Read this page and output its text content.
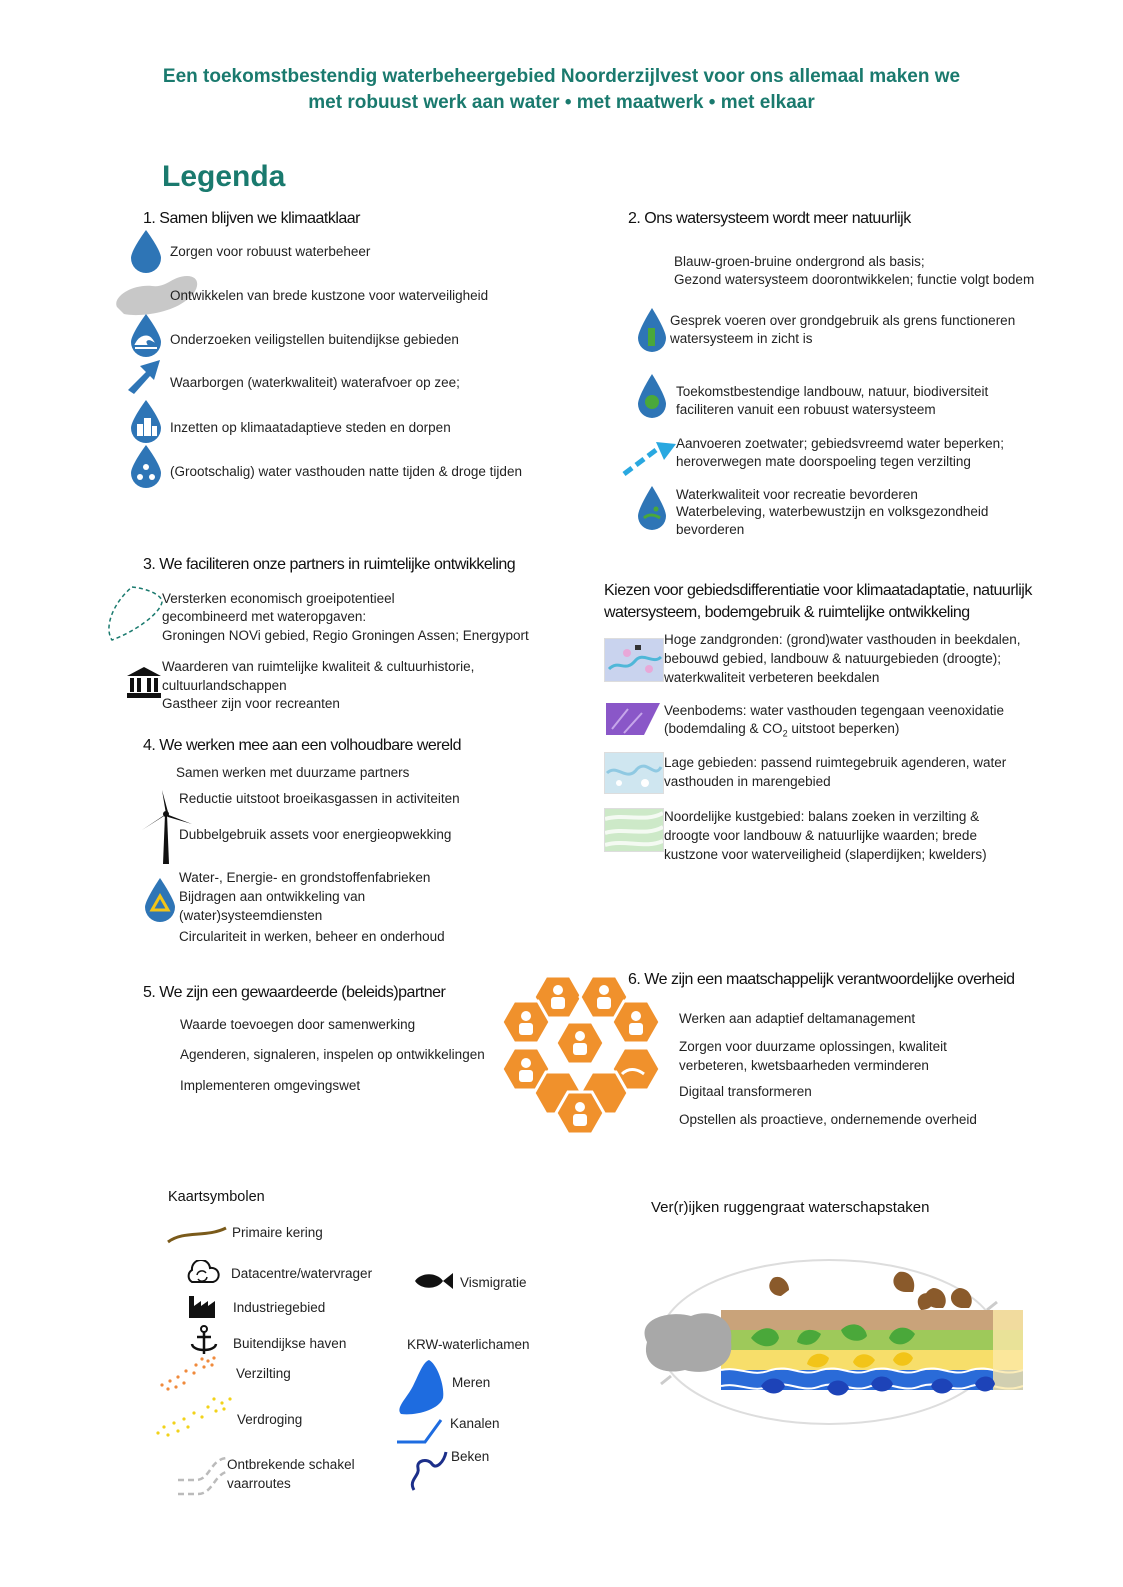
Een toekomstbestendig waterbeheergebied Noorderzijlvest voor ons allemaal maken we
met robuust werk aan water • met maatwerk • met elkaar
Legenda
1. Samen blijven we klimaatklaar
Zorgen voor robuust waterbeheer
Ontwikkelen van brede kustzone voor waterveiligheid
Onderzoeken veiligstellen buitendijkse gebieden
Waarborgen (waterkwaliteit) waterafvoer op zee;
Inzetten op klimaatadaptieve steden en dorpen
(Grootschalig) water vasthouden natte tijden & droge tijden
2. Ons watersysteem wordt meer natuurlijk
Blauw-groen-bruine ondergrond als basis;
Gezond watersysteem doorontwikkelen; functie volgt bodem
Gesprek voeren over grondgebruik als grens functioneren
watersysteem in zicht is
Toekomstbestendige landbouw, natuur, biodiversiteit
faciliteren vanuit een robuust watersysteem
Aanvoeren zoetwater; gebiedsvreemd water beperken;
heroverwegen mate doorspoeling tegen verzilting
Waterkwaliteit voor recreatie bevorderen
Waterbeleving, waterbewustzijn en volksgezondheid
bevorderen
3. We faciliteren onze partners in ruimtelijke ontwikkeling
Versterken economisch groeipotentieel
gecombineerd met wateropgaven:
Groningen NOVi gebied, Regio Groningen Assen; Energyport
Waarderen van ruimtelijke kwaliteit & cultuurhistorie,
cultuurlandschappen
Gastheer zijn voor recreanten
4. We werken mee aan een volhoudbare wereld
Samen werken met duurzame partners
Reductie uitstoot broeikasgassen in activiteiten
Dubbelgebruik assets voor energieopwekking
Water-, Energie- en grondstoffenfabrieken
Bijdragen aan ontwikkeling van
(water)systeemdiensten
Circulariteit in werken, beheer en onderhoud
Kiezen voor gebiedsdifferentiatie voor klimaatadaptatie, natuurlijk
watersysteem, bodemgebruik & ruimtelijke ontwikkeling
Hoge zandgronden: (grond)water vasthouden in beekdalen,
bebouwd gebied, landbouw & natuurgebieden (droogte);
waterkwaliteit verbeteren beekdalen
Veenbodems: water vasthouden tegengaan veenoxidatie
(bodemdaling & $CO_2$ uitstoot beperken)
Lage gebieden: passend ruimtegebruik agenderen, water
vasthouden in marengebied
Noordelijke kustgebied: balans zoeken in verzilting &
droogte voor landbouw & natuurlijke waarden; brede
kustzone voor waterveiligheid (slaperdijken; kwelders)
5. We zijn een gewaardeerde (beleids)partner
Waarde toevoegen door samenwerking
Agenderen, signaleren, inspelen op ontwikkelingen
Implementeren omgevingswet
6. We zijn een maatschappelijk verantwoordelijke overheid
Werken aan adaptief deltamanagement
Zorgen voor duurzame oplossingen, kwaliteit
verbeteren, kwetsbaarheden verminderen
Digitaal transformeren
Opstellen als proactieve, ondernemende overheid
Kaartsymbolen
Primaire kering
Datacentre/watervrager
Industriegebied
Buitendijkse haven
Verzilting
Verdroging
Ontbrekende schakel
vaarroutes
Vismigratie
KRW-waterlichamen
Meren
Kanalen
Beken
Ver(r)ijken ruggengraat waterschapstaken
